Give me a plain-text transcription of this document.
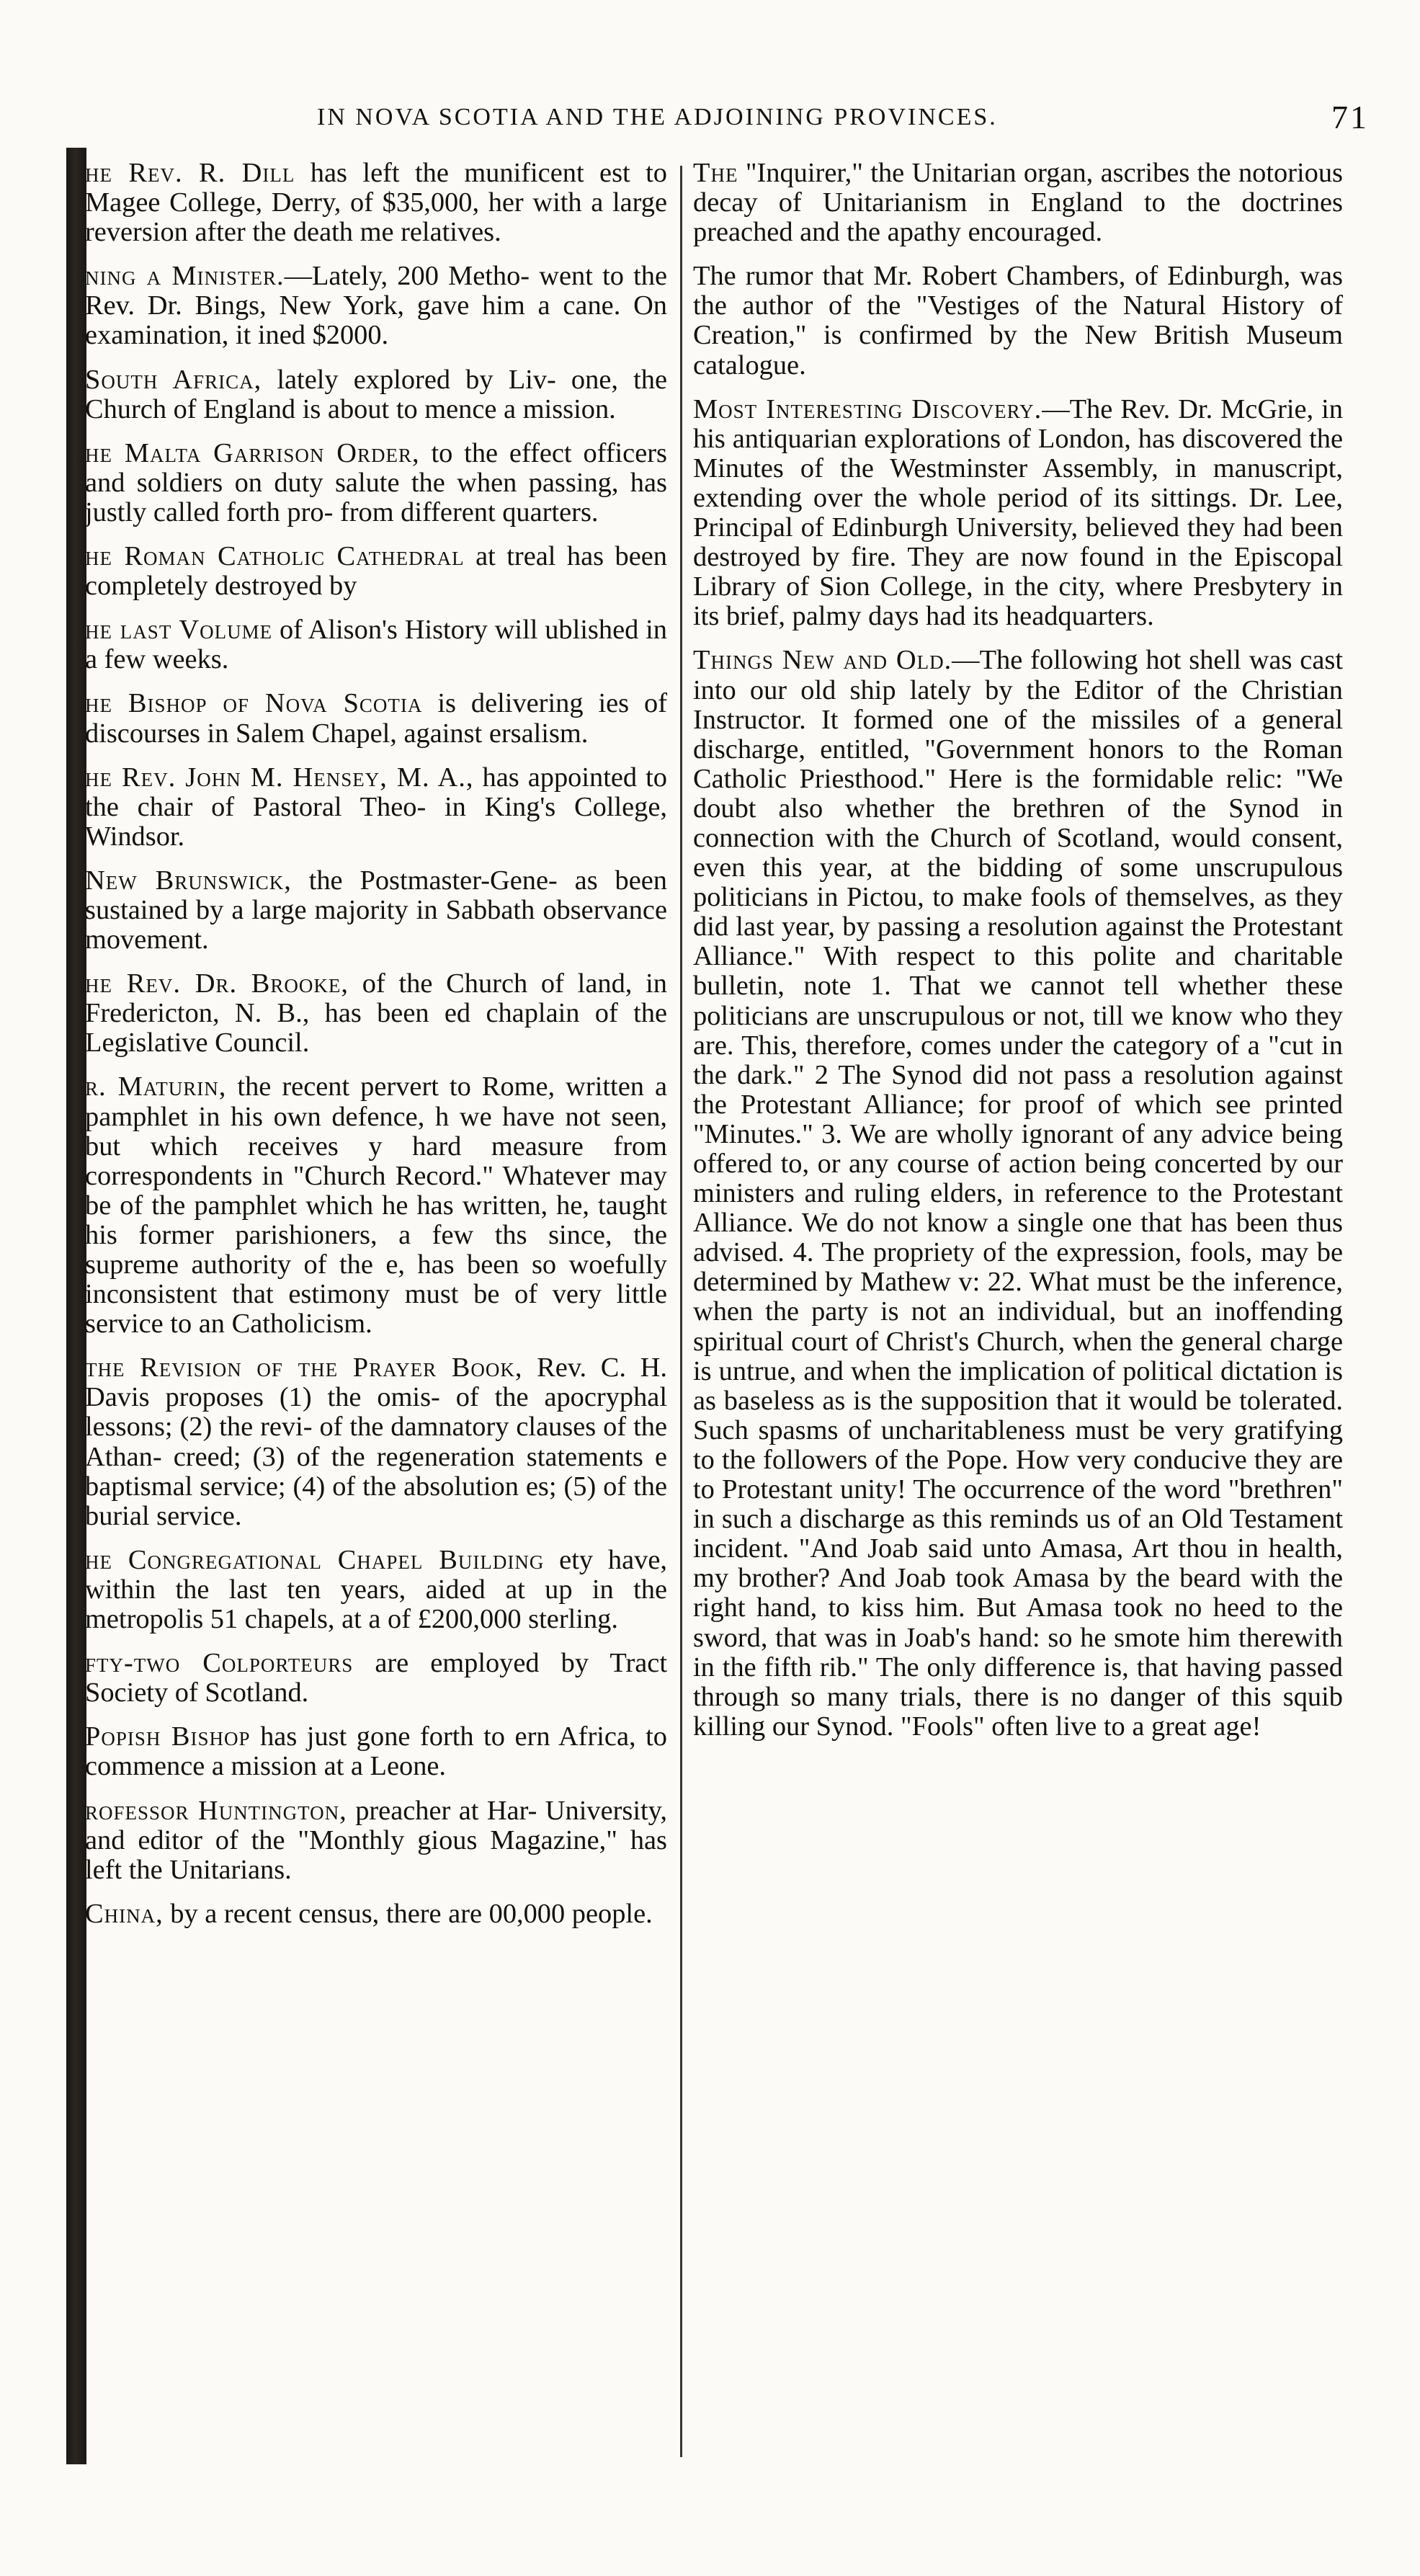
IN NOVA SCOTIA AND THE ADJOINING PROVINCES.	71

he Rev. R. Dill has left the munificent est to Magee College, Derry, of $35,000, her with a large reversion after the death me relatives.

ning a Minister.—Lately, 200 Metho- went to the Rev. Dr. Bings, New York, gave him a cane. On examination, it ined $2000.

South Africa, lately explored by Liv- one, the Church of England is about to mence a mission.

he Malta Garrison Order, to the effect officers and soldiers on duty salute the when passing, has justly called forth pro- from different quarters.

he Roman Catholic Cathedral at treal has been completely destroyed by

he last Volume of Alison's History will ublished in a few weeks.

he Bishop of Nova Scotia is delivering ies of discourses in Salem Chapel, against ersalism.

he Rev. John M. Hensey, M. A., has appointed to the chair of Pastoral Theo- in King's College, Windsor.

New Brunswick, the Postmaster-Gene- as been sustained by a large majority in Sabbath observance movement.

he Rev. Dr. Brooke, of the Church of land, in Fredericton, N. B., has been ed chaplain of the Legislative Council.

r. Maturin, the recent pervert to Rome, written a pamphlet in his own defence, h we have not seen, but which receives y hard measure from correspondents in "Church Record." Whatever may be of the pamphlet which he has written, he, taught his former parishioners, a few ths since, the supreme authority of the e, has been so woefully inconsistent that estimony must be of very little service to an Catholicism.

the Revision of the Prayer Book, Rev. C. H. Davis proposes (1) the omis- of the apocryphal lessons; (2) the revi- of the damnatory clauses of the Athan- creed; (3) of the regeneration statements e baptismal service; (4) of the absolution es; (5) of the burial service.

he Congregational Chapel Building ety have, within the last ten years, aided at up in the metropolis 51 chapels, at a of £200,000 sterling.

fty-two Colporteurs are employed by Tract Society of Scotland.

Popish Bishop has just gone forth to ern Africa, to commence a mission at a Leone.

rofessor Huntington, preacher at Har- University, and editor of the "Monthly gious Magazine," has left the Unitarians.

China, by a recent census, there are 00,000 people.

The "Inquirer," the Unitarian organ, ascribes the notorious decay of Unitarianism in England to the doctrines preached and the apathy encouraged.

The rumor that Mr. Robert Chambers, of Edinburgh, was the author of the "Vestiges of the Natural History of Creation," is confirmed by the New British Museum catalogue.

Most Interesting Discovery.—The Rev. Dr. McGrie, in his antiquarian explorations of London, has discovered the Minutes of the Westminster Assembly, in manuscript, extending over the whole period of its sittings. Dr. Lee, Principal of Edinburgh University, believed they had been destroyed by fire. They are now found in the Episcopal Library of Sion College, in the city, where Presbytery in its brief, palmy days had its headquarters.

Things New and Old.—The following hot shell was cast into our old ship lately by the Editor of the Christian Instructor. It formed one of the missiles of a general discharge, entitled, "Government honors to the Roman Catholic Priesthood." Here is the formidable relic: "We doubt also whether the brethren of the Synod in connection with the Church of Scotland, would consent, even this year, at the bidding of some unscrupulous politicians in Pictou, to make fools of themselves, as they did last year, by passing a resolution against the Protestant Alliance." With respect to this polite and charitable bulletin, note 1. That we cannot tell whether these politicians are unscrupulous or not, till we know who they are. This, therefore, comes under the category of a "cut in the dark." 2 The Synod did not pass a resolution against the Protestant Alliance; for proof of which see printed "Minutes." 3. We are wholly ignorant of any advice being offered to, or any course of action being concerted by our ministers and ruling elders, in reference to the Protestant Alliance. We do not know a single one that has been thus advised. 4. The propriety of the expression, fools, may be determined by Mathew v: 22. What must be the inference, when the party is not an individual, but an inoffending spiritual court of Christ's Church, when the general charge is untrue, and when the implication of political dictation is as baseless as is the supposition that it would be tolerated. Such spasms of uncharitableness must be very gratifying to the followers of the Pope. How very conducive they are to Protestant unity! The occurrence of the word "brethren" in such a discharge as this reminds us of an Old Testament incident. "And Joab said unto Amasa, Art thou in health, my brother? And Joab took Amasa by the beard with the right hand, to kiss him. But Amasa took no heed to the sword, that was in Joab's hand: so he smote him therewith in the fifth rib." The only difference is, that having passed through so many trials, there is no danger of this squib killing our Synod. "Fools" often live to a great age!
